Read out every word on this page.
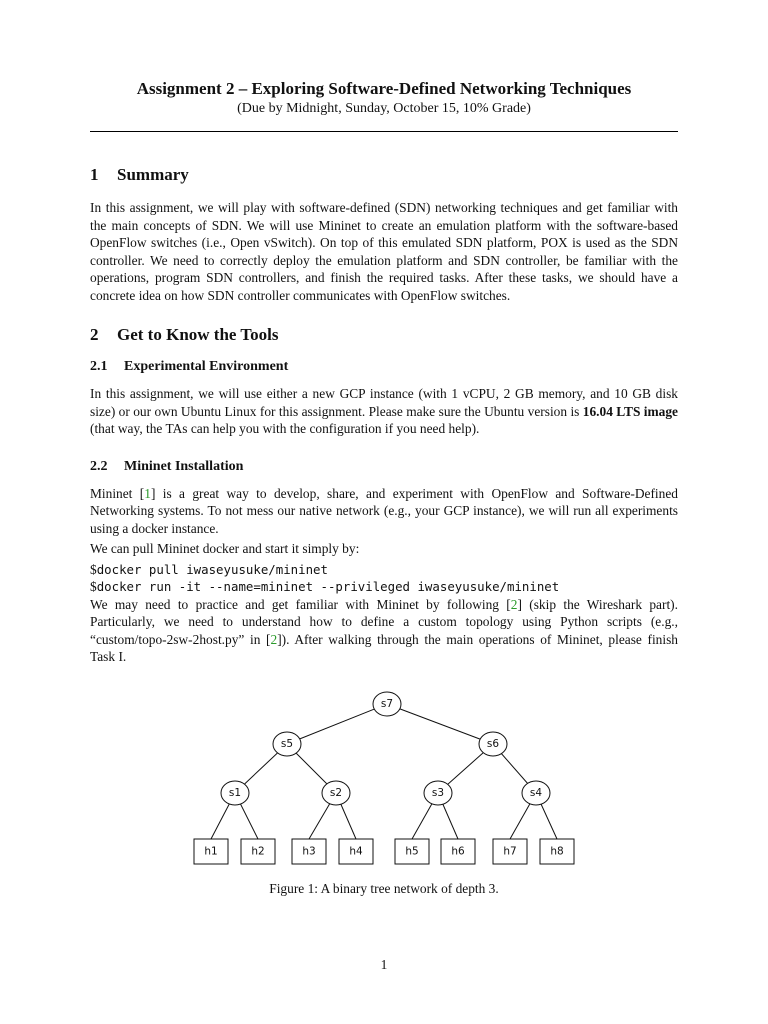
Assignment 2 – Exploring Software-Defined Networking Techniques

(Due by Midnight, Sunday, October 15, 10% Grade)

1 Summary

In this assignment, we will play with software-defined (SDN) networking techniques and get familiar with the main concepts of SDN. We will use Mininet to create an emulation platform with the software-based OpenFlow switches (i.e., Open vSwitch). On top of this emulated SDN platform, POX is used as the SDN controller. We need to correctly deploy the emulation platform and SDN controller, be familiar with the operations, program SDN controllers, and finish the required tasks. After these tasks, we should have a concrete idea on how SDN controller communicates with OpenFlow switches.

2 Get to Know the Tools

2.1 Experimental Environment

In this assignment, we will use either a new GCP instance (with 1 vCPU, 2 GB memory, and 10 GB disk size) or our own Ubuntu Linux for this assignment. Please make sure the Ubuntu version is 16.04 LTS image (that way, the TAs can help you with the configuration if you need help).

2.2 Mininet Installation

Mininet [1] is a great way to develop, share, and experiment with OpenFlow and Software-Defined Networking systems. To not mess our native network (e.g., your GCP instance), we will run all experiments using a docker instance.

We can pull Mininet docker and start it simply by:

$docker pull iwaseyusuke/mininet

$docker run -it --name=mininet --privileged iwaseyusuke/mininet

We may need to practice and get familiar with Mininet by following [2] (skip the Wireshark part). Particularly, we need to understand how to define a custom topology using Python scripts (e.g., “custom/topo-2sw-2host.py” in [2]). After walking through the main operations of Mininet, please finish Task I.

s7
s5	s6
s1	s2	s3	s4
h1	h2	h3	h4	h5	h6	h7	h8
Figure 1: A binary tree network of depth 3.
1
